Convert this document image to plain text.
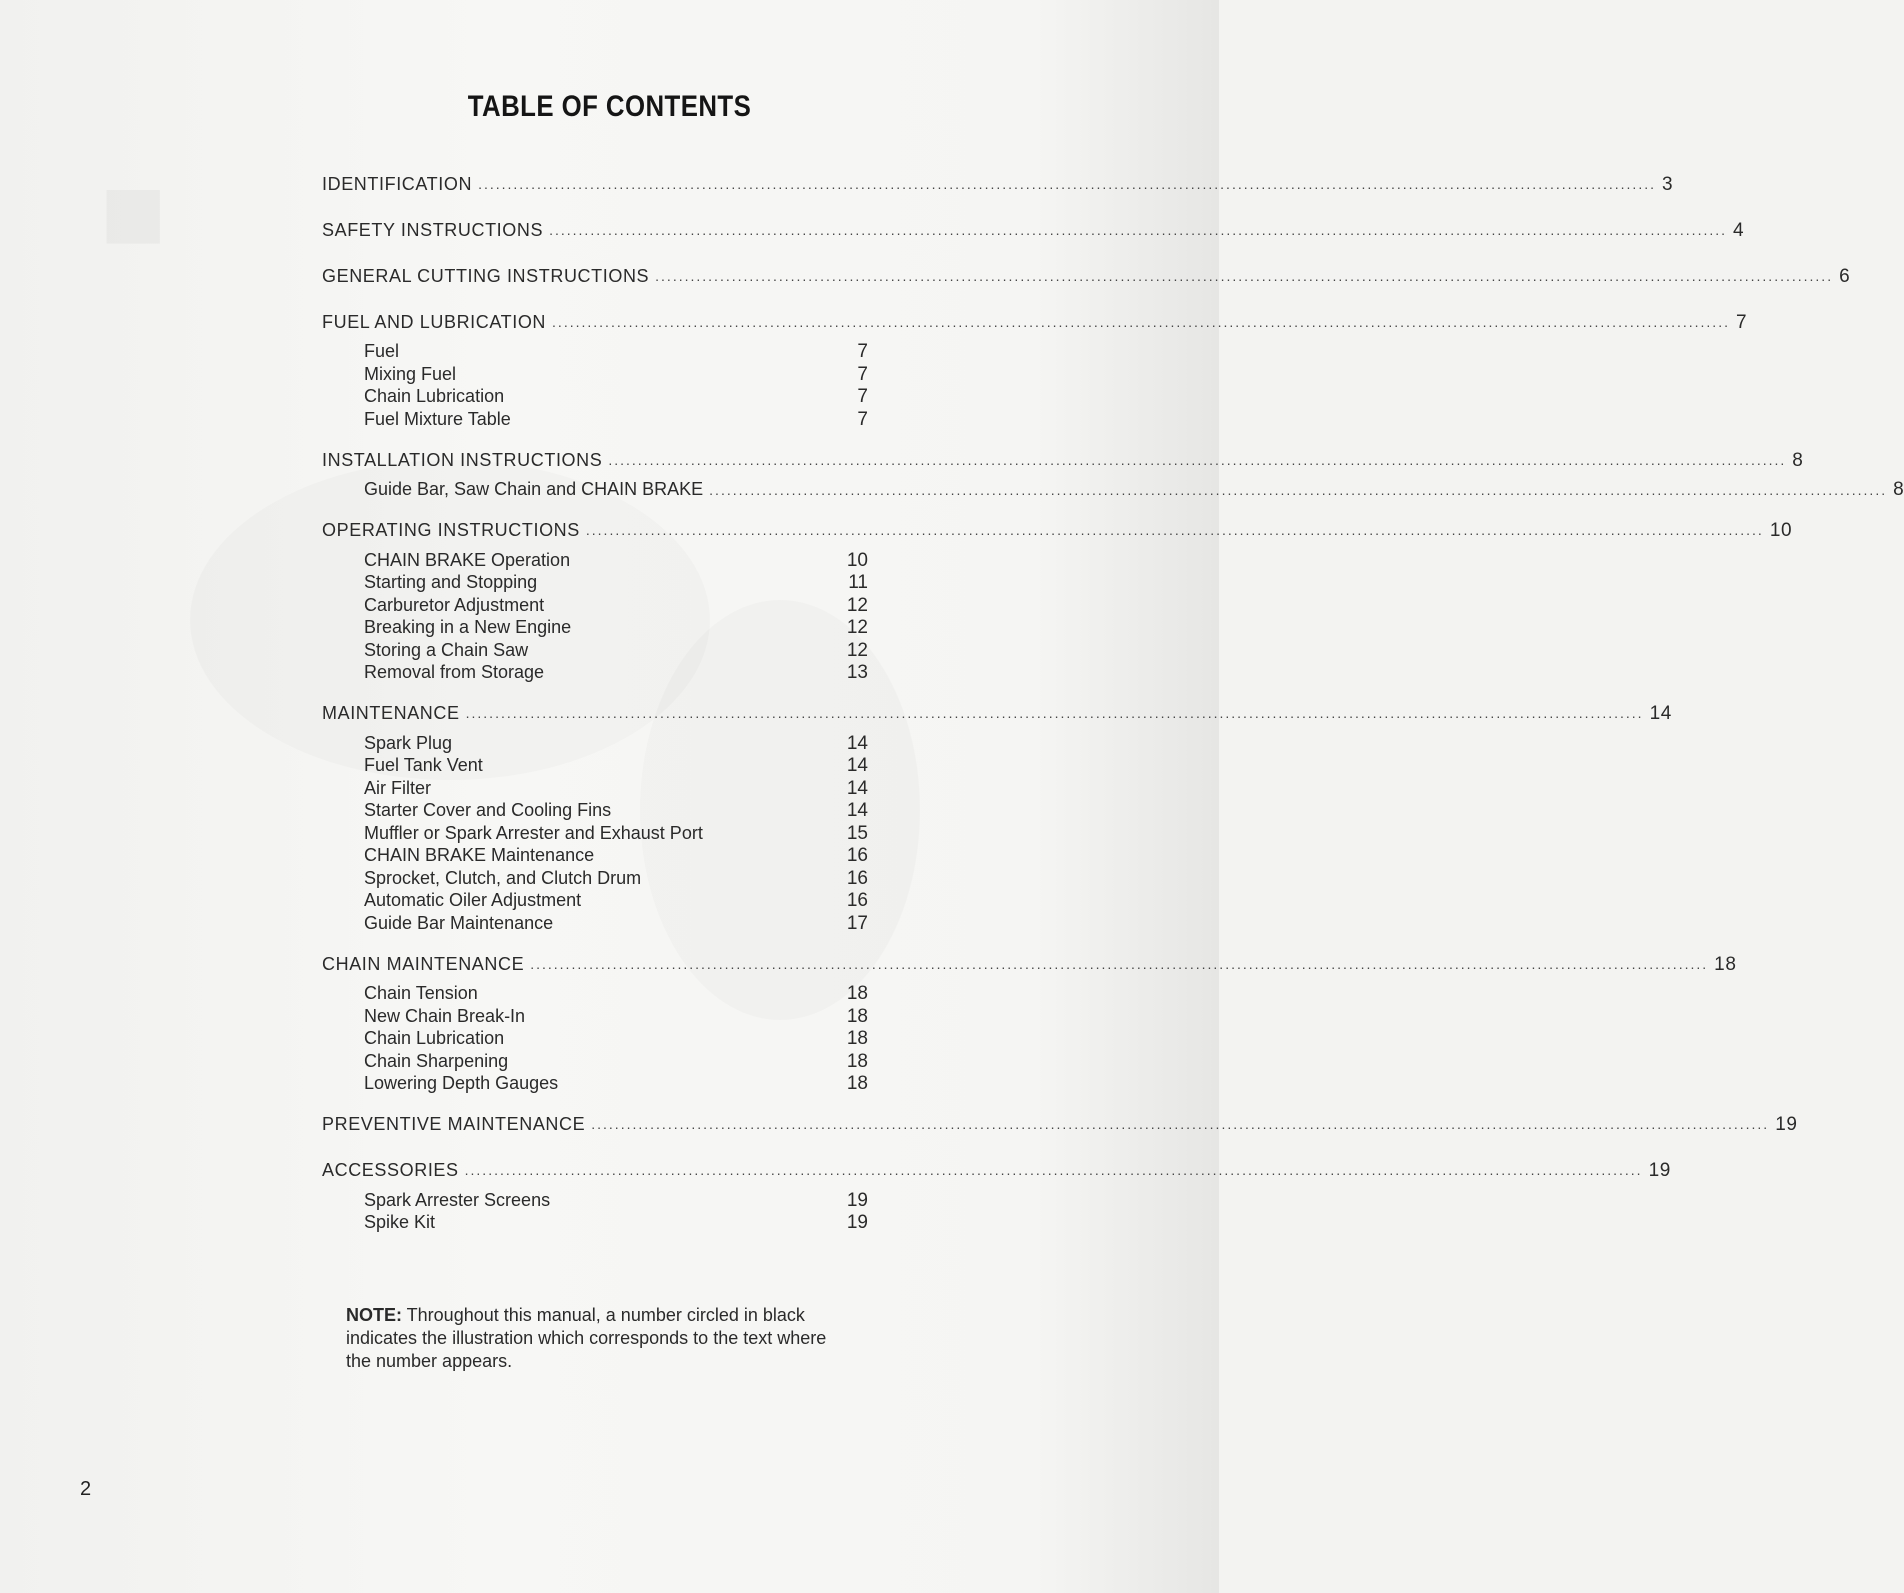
TABLE OF CONTENTS
IDENTIFICATION ........................................................................................................................................................................................................ 3
SAFETY INSTRUCTIONS ........................................................................................................................................................................................................ 4
GENERAL CUTTING INSTRUCTIONS ........................................................................................................................................................................................................ 6
FUEL AND LUBRICATION ........................................................................................................................................................................................................ 7
Fuel	7
Mixing Fuel	7
Chain Lubrication	7
Fuel Mixture Table	7
INSTALLATION INSTRUCTIONS ........................................................................................................................................................................................................ 8
Guide Bar, Saw Chain and CHAIN BRAKE ........................................................................................................................................................................................................ 8
OPERATING INSTRUCTIONS ........................................................................................................................................................................................................ 10
CHAIN BRAKE Operation	10
Starting and Stopping	11
Carburetor Adjustment	12
Breaking in a New Engine	12
Storing a Chain Saw	12
Removal from Storage	13
MAINTENANCE ........................................................................................................................................................................................................ 14
Spark Plug	14
Fuel Tank Vent	14
Air Filter	14
Starter Cover and Cooling Fins	14
Muffler or Spark Arrester and Exhaust Port	15
CHAIN BRAKE Maintenance	16
Sprocket, Clutch, and Clutch Drum	16
Automatic Oiler Adjustment	16
Guide Bar Maintenance	17
CHAIN MAINTENANCE ........................................................................................................................................................................................................ 18
Chain Tension	18
New Chain Break-In	18
Chain Lubrication	18
Chain Sharpening	18
Lowering Depth Gauges	18
PREVENTIVE MAINTENANCE ........................................................................................................................................................................................................ 19
ACCESSORIES ........................................................................................................................................................................................................ 19
Spark Arrester Screens	19
Spike Kit	19
NOTE: Throughout this manual, a number circled in black indicates the illustration which corresponds to the text where the number appears.
2
